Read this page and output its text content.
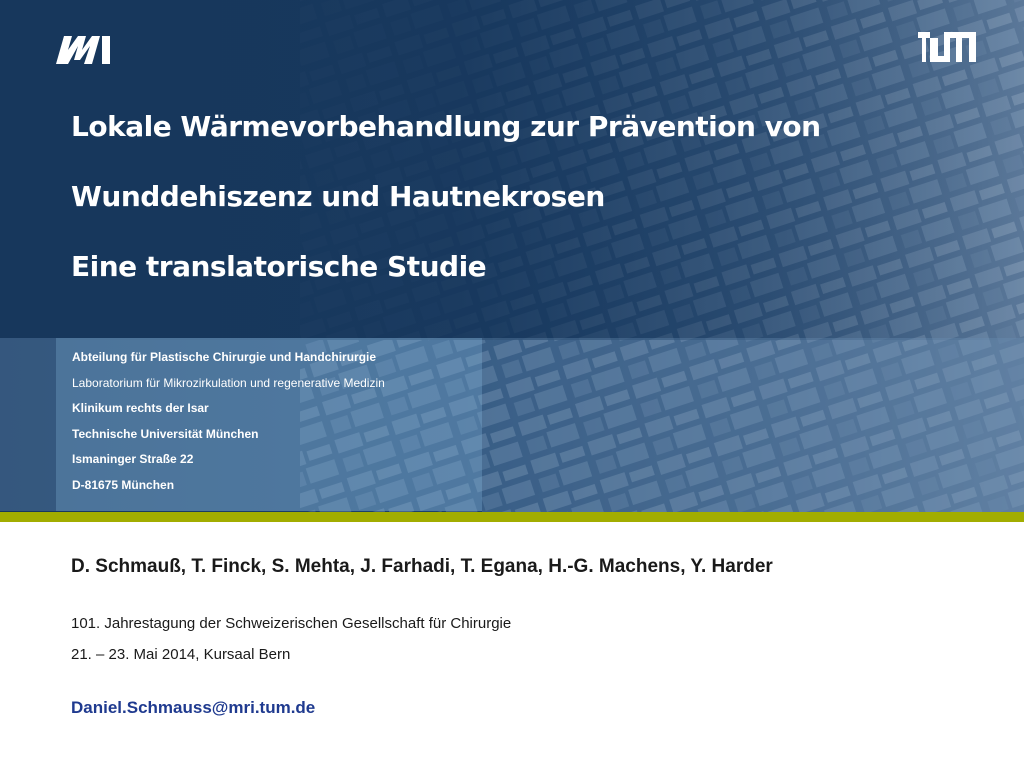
Lokale Wärmevorbehandlung zur Prävention von
Wunddehiszenz und Hautnekrosen
Eine translatorische Studie
Abteilung für Plastische Chirurgie und Handchirurgie
Laboratorium für Mikrozirkulation und regenerative Medizin
Klinikum rechts der Isar
Technische Universität München
Ismaninger Straße 22
D-81675 München
D. Schmauß, T. Finck, S. Mehta, J. Farhadi, T. Egana, H.-G. Machens, Y. Harder
101. Jahrestagung der Schweizerischen Gesellschaft für Chirurgie
21. – 23. Mai 2014, Kursaal Bern
Daniel.Schmauss@mri.tum.de
